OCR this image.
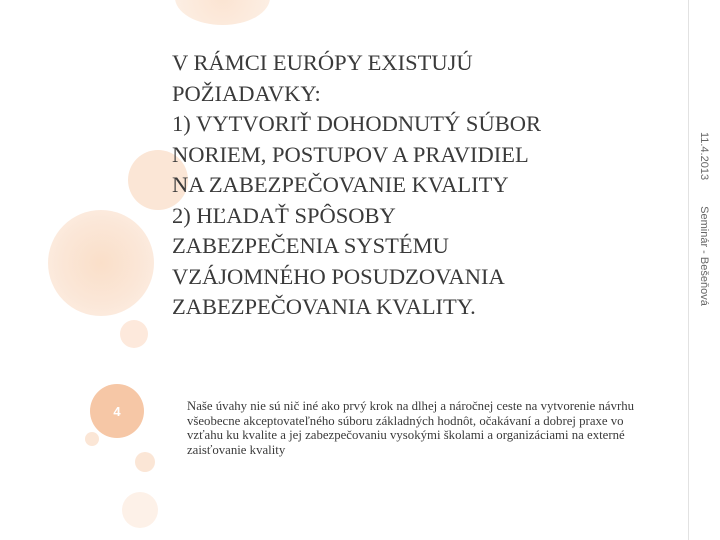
4
V RÁMCI EURÓPY EXISTUJÚ
POŽIADAVKY:
1) VYTVORIŤ DOHODNUTÝ SÚBOR
NORIEM, POSTUPOV A PRAVIDIEL
NA ZABEZPEČOVANIE KVALITY
2) HĽADAŤ SPÔSOBY
ZABEZPEČENIA SYSTÉMU
VZÁJOMNÉHO POSUDZOVANIA
ZABEZPEČOVANIA KVALITY.
Naše úvahy nie sú nič iné ako prvý krok na dlhej a náročnej ceste na vytvorenie návrhu všeobecne akceptovateľného súboru základných hodnôt, očakávaní a dobrej praxe vo vzťahu ku kvalite a jej zabezpečovaniu vysokými školami a organizáciami na externé zaisťovanie kvality
11.4.2013
Seminár - Bešeňová
